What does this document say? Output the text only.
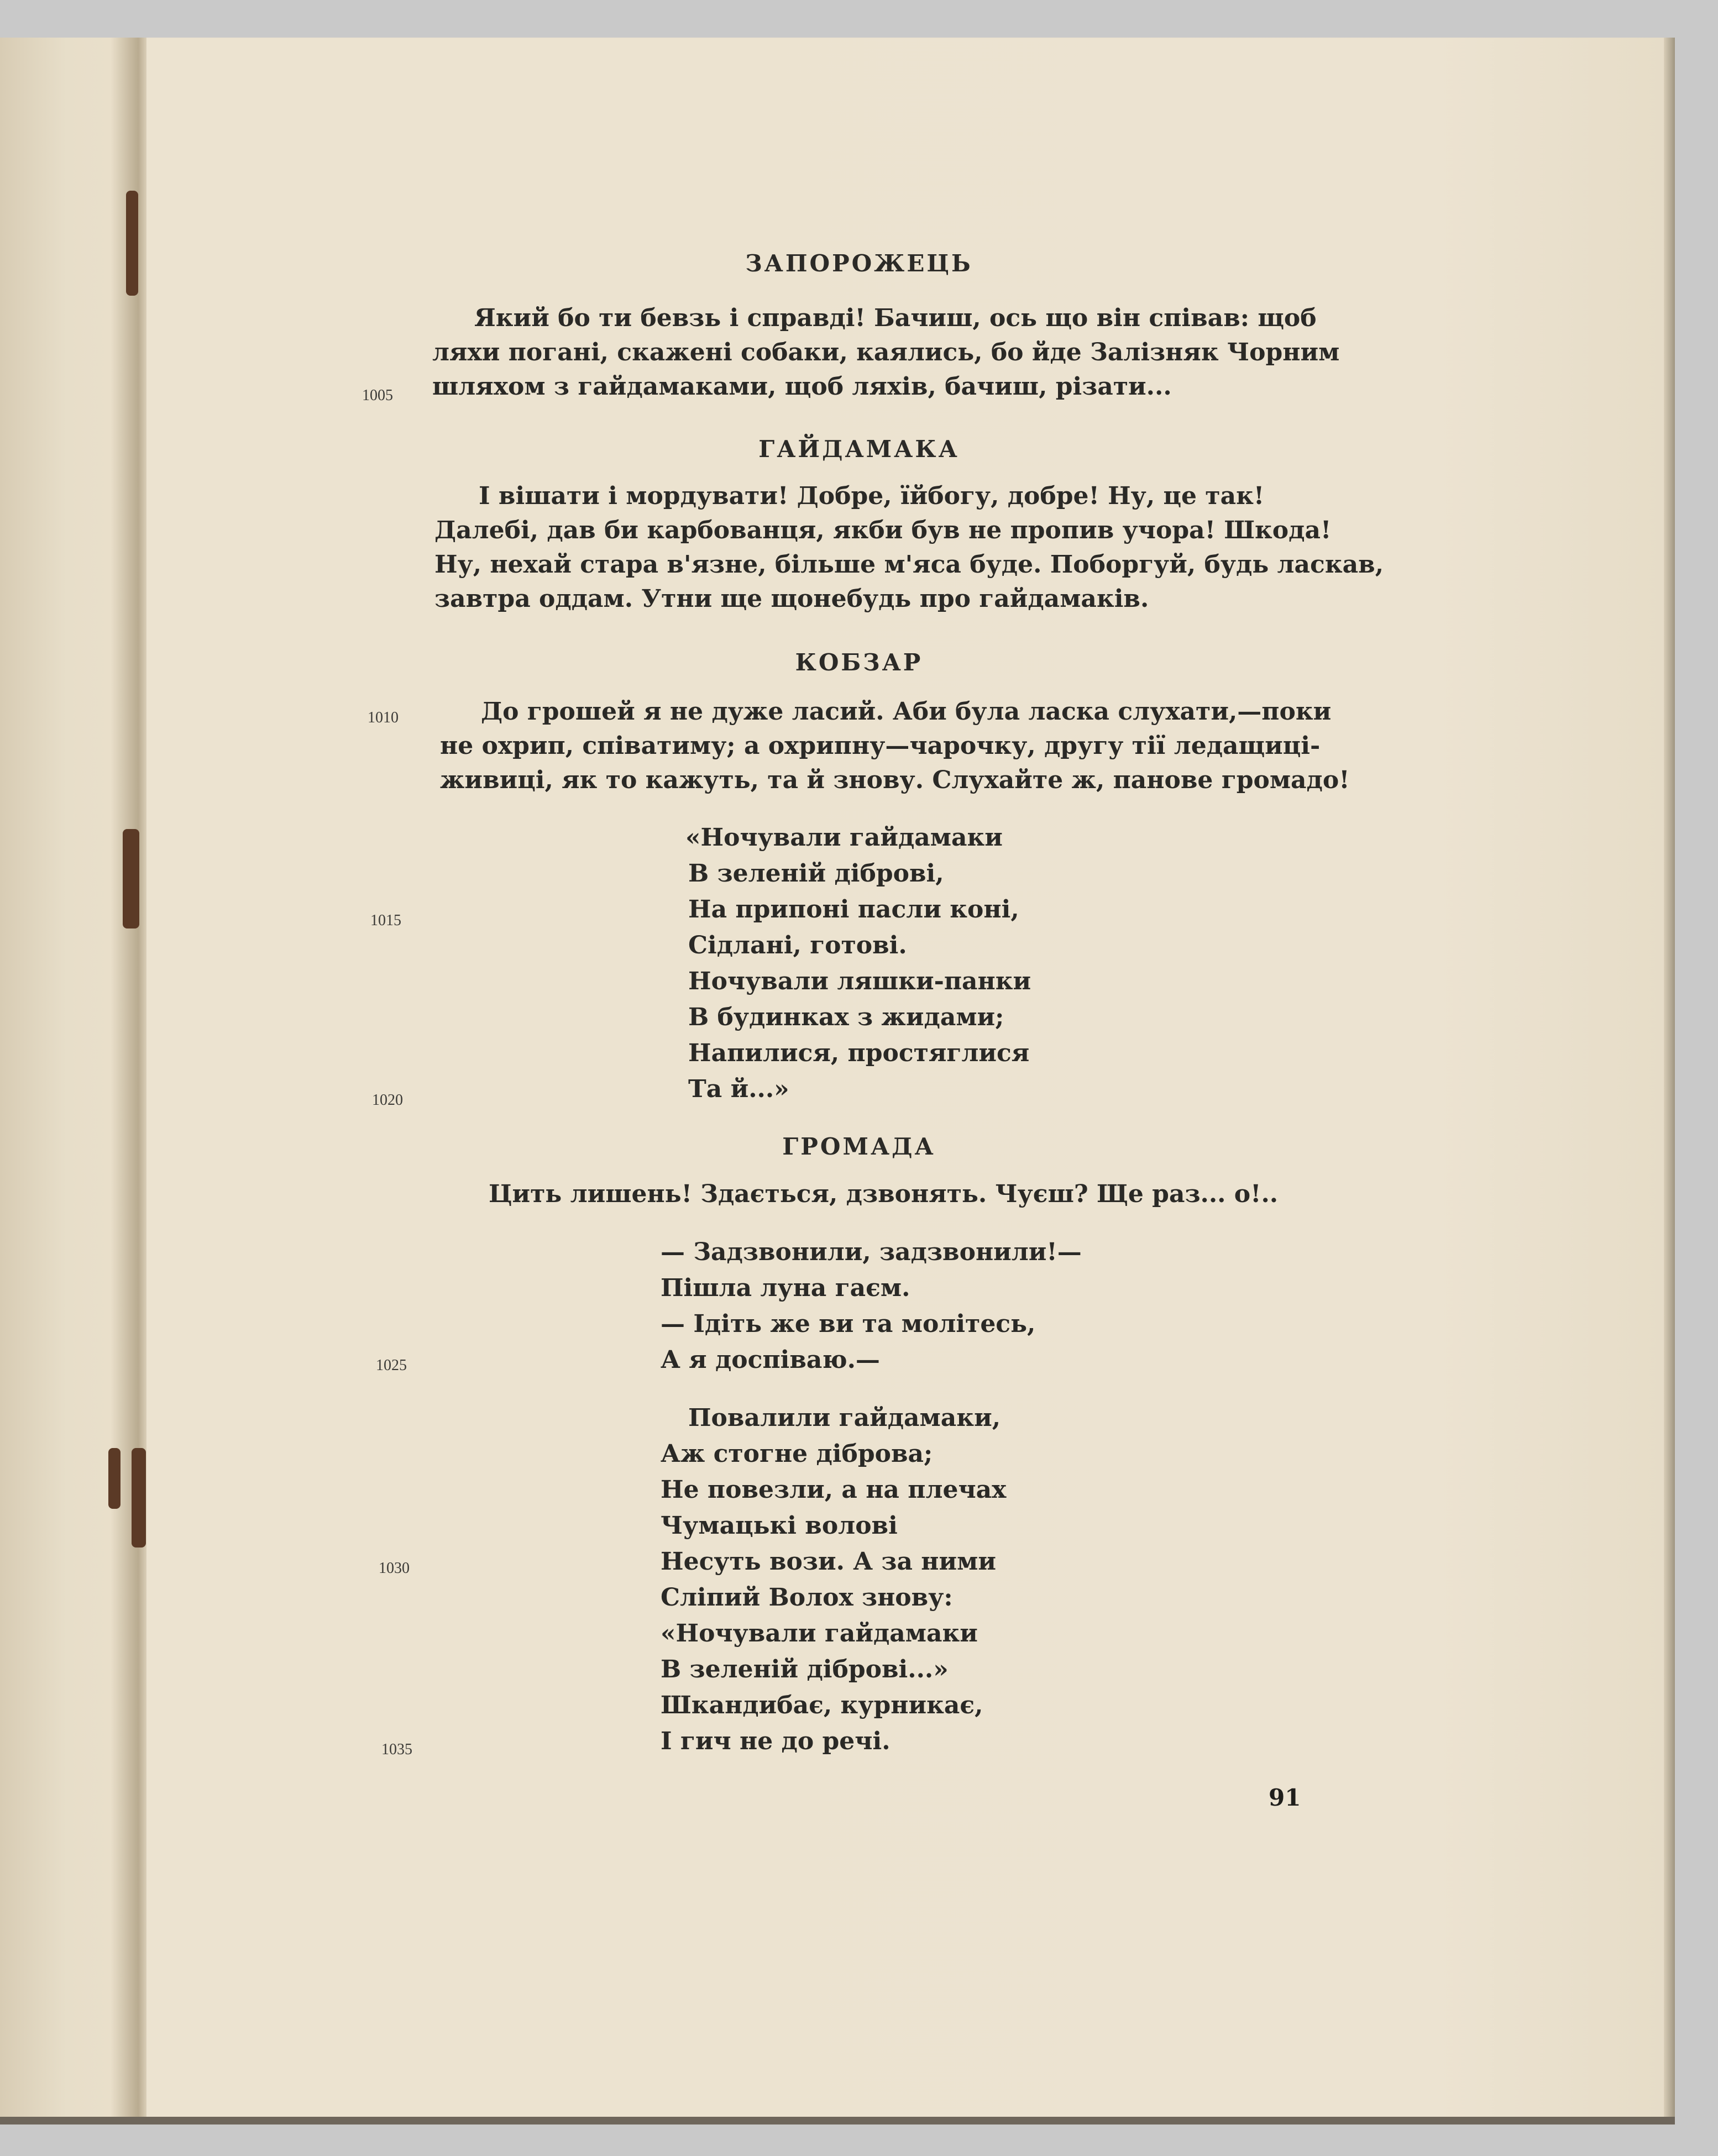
1005
1010
1015
1020
1025
1030
1035
ЗАПОРОЖЕЦЬ
Який бо ти бевзь і справді! Бачиш, ось що він співав: щоб
ляхи погані, скажені собаки, каялись, бо йде Залізняк Чорним
шляхом з гайдамаками, щоб ляхів, бачиш, різати...
ГАЙДАМАКА
І вішати і мордувати! Добре, їйбогу, добре! Ну, це так!
Далебі, дав би карбованця, якби був не пропив учора! Шкода!
Ну, нехай стара в'язне, більше м'яса буде. Поборгуй, будь ласкав,
завтра оддам. Утни ще щонебудь про гайдамаків.
КОБЗАР
До грошей я не дуже ласий. Аби була ласка слухати,—поки
не охрип, співатиму; а охрипну—чарочку, другу тії ледащиці-
живиці, як то кажуть, та й знову. Слухайте ж, панове громадо!
«Ночували гайдамаки
В зеленій діброві,
На припоні пасли коні,
Сідлані, готові.
Ночували ляшки-панки
В будинках з жидами;
Напилися, простяглися
Та й...»
ГРОМАДА
Цить лишень! Здається, дзвонять. Чуєш? Ще раз... о!..
— Задзвонили, задзвонили!—
Пішла луна гаєм.
— Ідіть же ви та молітесь,
А я доспіваю.—
Повалили гайдамаки,
Аж стогне діброва;
Не повезли, а на плечах
Чумацькі волові
Несуть вози. А за ними
Сліпий Волох знову:
«Ночували гайдамаки
В зеленій діброві...»
Шкандибає, курникає,
І гич не до речі.
91
